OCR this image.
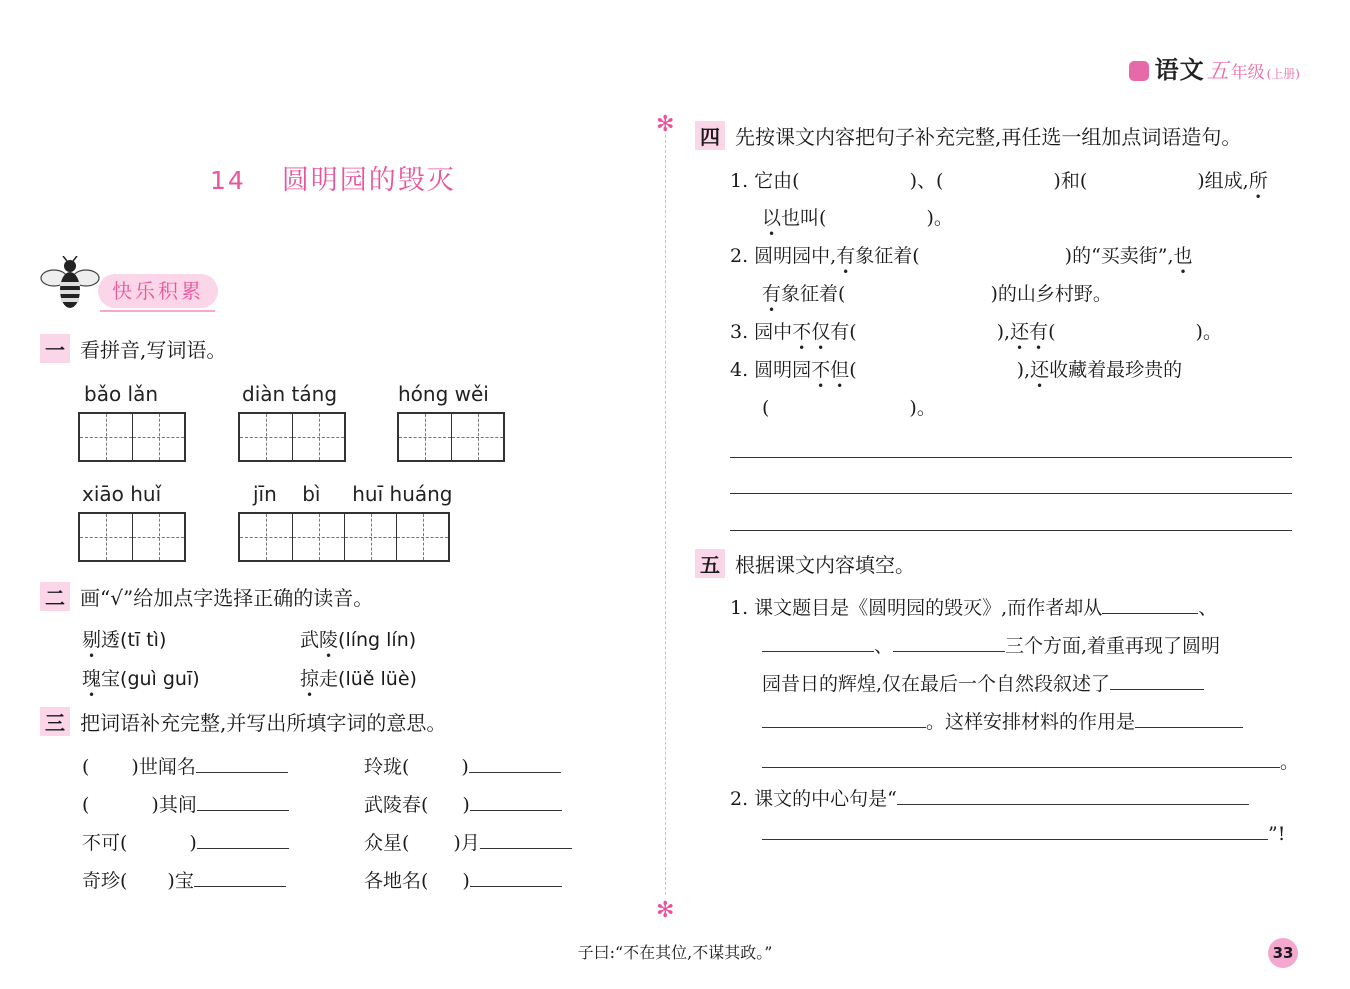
语文 五 年级 (上册)
14 圆明园的毁灭
快乐积累
一 看拼音,写词语。
bǎo lǎn	diàn táng	hóng wěi
xiāo huǐ	jīn    bì     huī huáng
二 画“√”给加点字选择正确的读音。
剔透(tī tì)	武陵(líng lín)
瑰宝(guì guī)	掠走(lüě lüè)
三 把词语补充完整,并写出所填字词的意思。
( )世闻名	玲珑(	)
(	)其间	武陵春( )
不可(	)	众星( )月
奇珍( )宝	各地名( )
✻
✻
四 先按课文内容把句子补充完整,再任选一组加点词语造句。
1. 它由(	)、(	)和(	)组成,所
以也叫(	)。
2. 圆明园中,有象征着(	)的“买卖街”,也
有象征着(	)的山乡村野。
3. 园中不仅有(	),还有(	)。
4. 圆明园不但(	),还收藏着最珍贵的
(	)。
五 根据课文内容填空。
1. 课文题目是《圆明园的毁灭》,而作者却从	、
、	三个方面,着重再现了圆明
园昔日的辉煌,仅在最后一个自然段叙述了
。这样安排材料的作用是
。
2. 课文的中心句是“
”!
子曰:“不在其位,不谋其政。”	33
